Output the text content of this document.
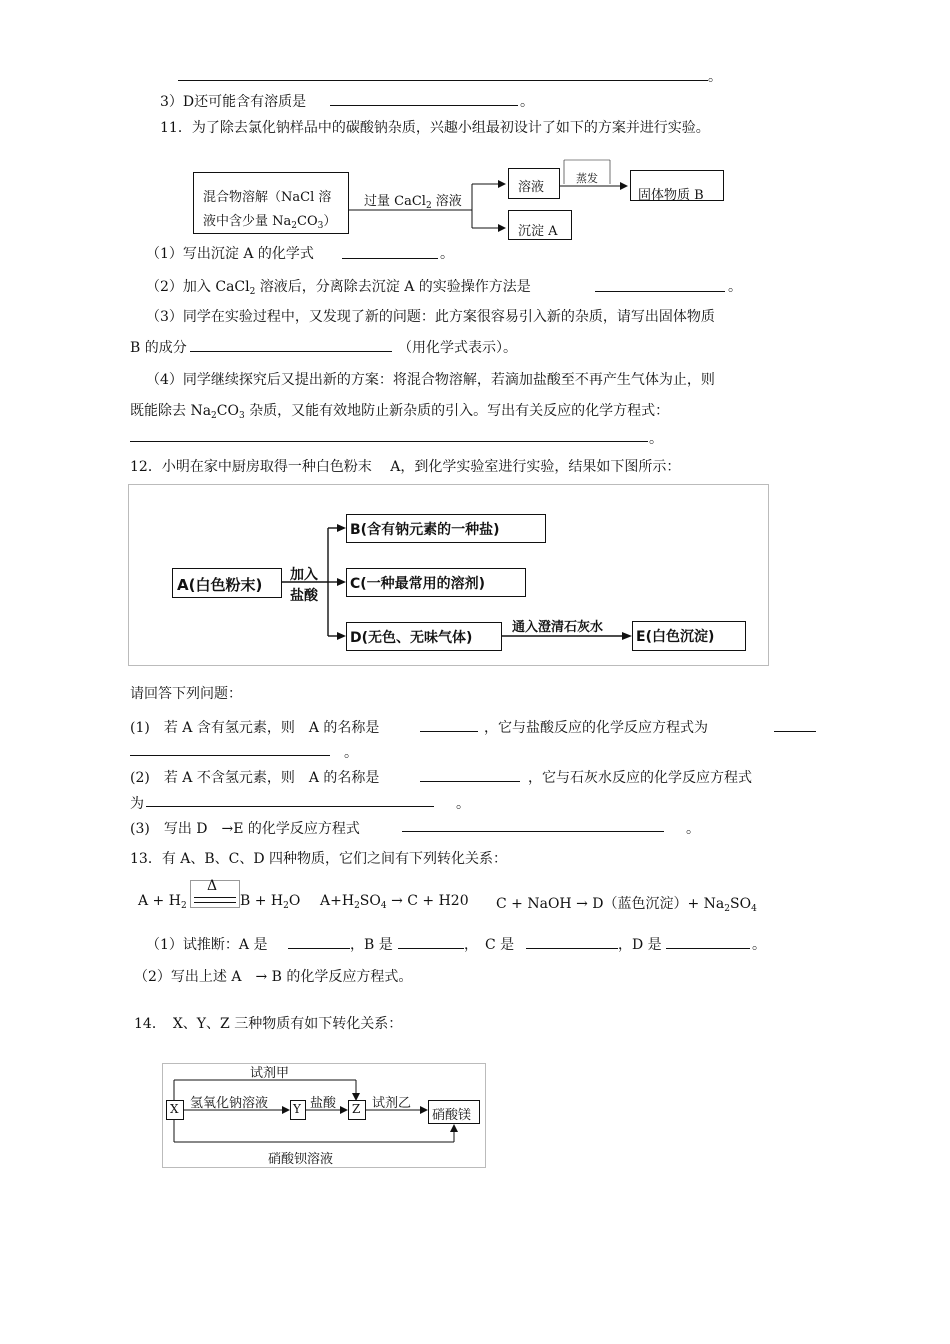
。
3）D还可能含有溶质是	。
11．为了除去氯化钠样品中的碳酸钠杂质，兴趣小组最初设计了如下的方案并进行实验。
混合物溶解（NaCl 溶
液中含少量 $Na_2CO_3$）
过量 CaCl$_2$ 溶液
溶液
蒸发
固体物质 B
沉淀 A
（1）写出沉淀 A 的化学式	。
（2）加入 CaCl$_2$ 溶液后，分离除去沉淀 A 的实验操作方法是	。
（3）同学在实验过程中，又发现了新的问题：此方案很容易引入新的杂质，请写出固体物质
B 的成分	（用化学式表示）。
（4）同学继续探究后又提出新的方案：将混合物溶解，若滴加盐酸至不再产生气体为止，则
既能除去 $Na_2CO_3$ 杂质，又能有效地防止新杂质的引入。写出有关反应的化学方程式：
。
12．小明在家中厨房取得一种白色粉末　 A，到化学实验室进行实验，结果如下图所示：
A(白色粉末)
加入
盐酸
B(含有钠元素的一种盐)
C(一种最常用的溶剂)
D(无色、无味气体)
通入澄清石灰水
E(白色沉淀)
请回答下列问题：
(1)　若 A 含有氢元素，则　A 的名称是	，它与盐酸反应的化学反应方程式为
。
(2)　若 A 不含氢元素，则　A 的名称是	，它与石灰水反应的化学反应方程式
为	。
(3)　写出 D　→E 的化学反应方程式	。
13．有 A、B、C、D 四种物质，它们之间有下列转化关系：
$A + H_2$
Δ
$B + H_2O$ $A+H_2SO_4 \to C + H20$ C + NaOH → D（蓝色沉淀）+ $Na_2SO_4$
（1）试推断：A 是	，B 是	，　C 是	，D 是	。
（2）写出上述 A　→ B 的化学反应方程式。
14．　X、Y、Z 三种物质有如下转化关系：
试剂甲
X 氢氧化钠溶液 Y 盐酸 Z 试剂乙
硝酸镁
硝酸钡溶液
